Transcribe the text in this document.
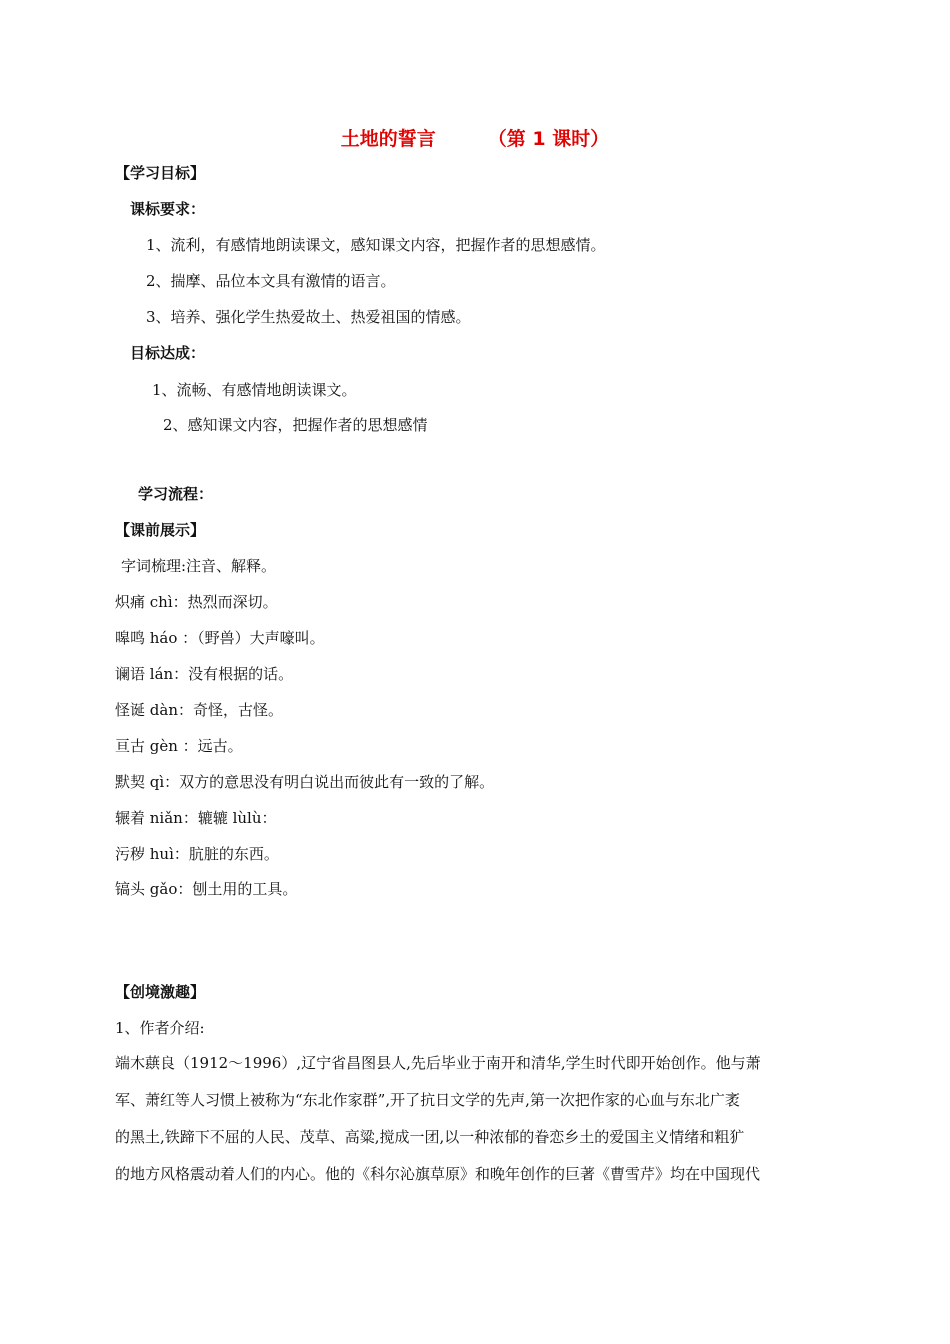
土地的誓言	（第 1 课时）
【学习目标】
课标要求：
1、流利，有感情地朗读课文，感知课文内容，把握作者的思想感情。
2、揣摩、品位本文具有激情的语言。
3、培养、强化学生热爱故土、热爱祖国的情感。
目标达成：
1、流畅、有感情地朗读课文。
2、感知课文内容，把握作者的思想感情
学习流程：
【课前展示】
字词梳理:注音、解释。
炽痛 chì：热烈而深切。
嗥鸣 háo ：（野兽）大声嚎叫。
谰语 lán：没有根据的话。
怪诞 dàn：奇怪，古怪。
亘古 gèn ：远古。
默契 qì：双方的意思没有明白说出而彼此有一致的了解。
辗着 niǎn：辘辘 lùlù：
污秽 huì：肮脏的东西。
镐头 gǎo：刨土用的工具。
【创境激趣】
1、作者介绍:
端木蕻良（1912～1996）,辽宁省昌图县人,先后毕业于南开和清华,学生时代即开始创作。他与萧
军、萧红等人习惯上被称为“东北作家群”,开了抗日文学的先声,第一次把作家的心血与东北广袤
的黑土,铁蹄下不屈的人民、茂草、高粱,搅成一团,以一种浓郁的眷恋乡土的爱国主义情绪和粗犷
的地方风格震动着人们的内心。他的《科尔沁旗草原》和晚年创作的巨著《曹雪芹》均在中国现代
